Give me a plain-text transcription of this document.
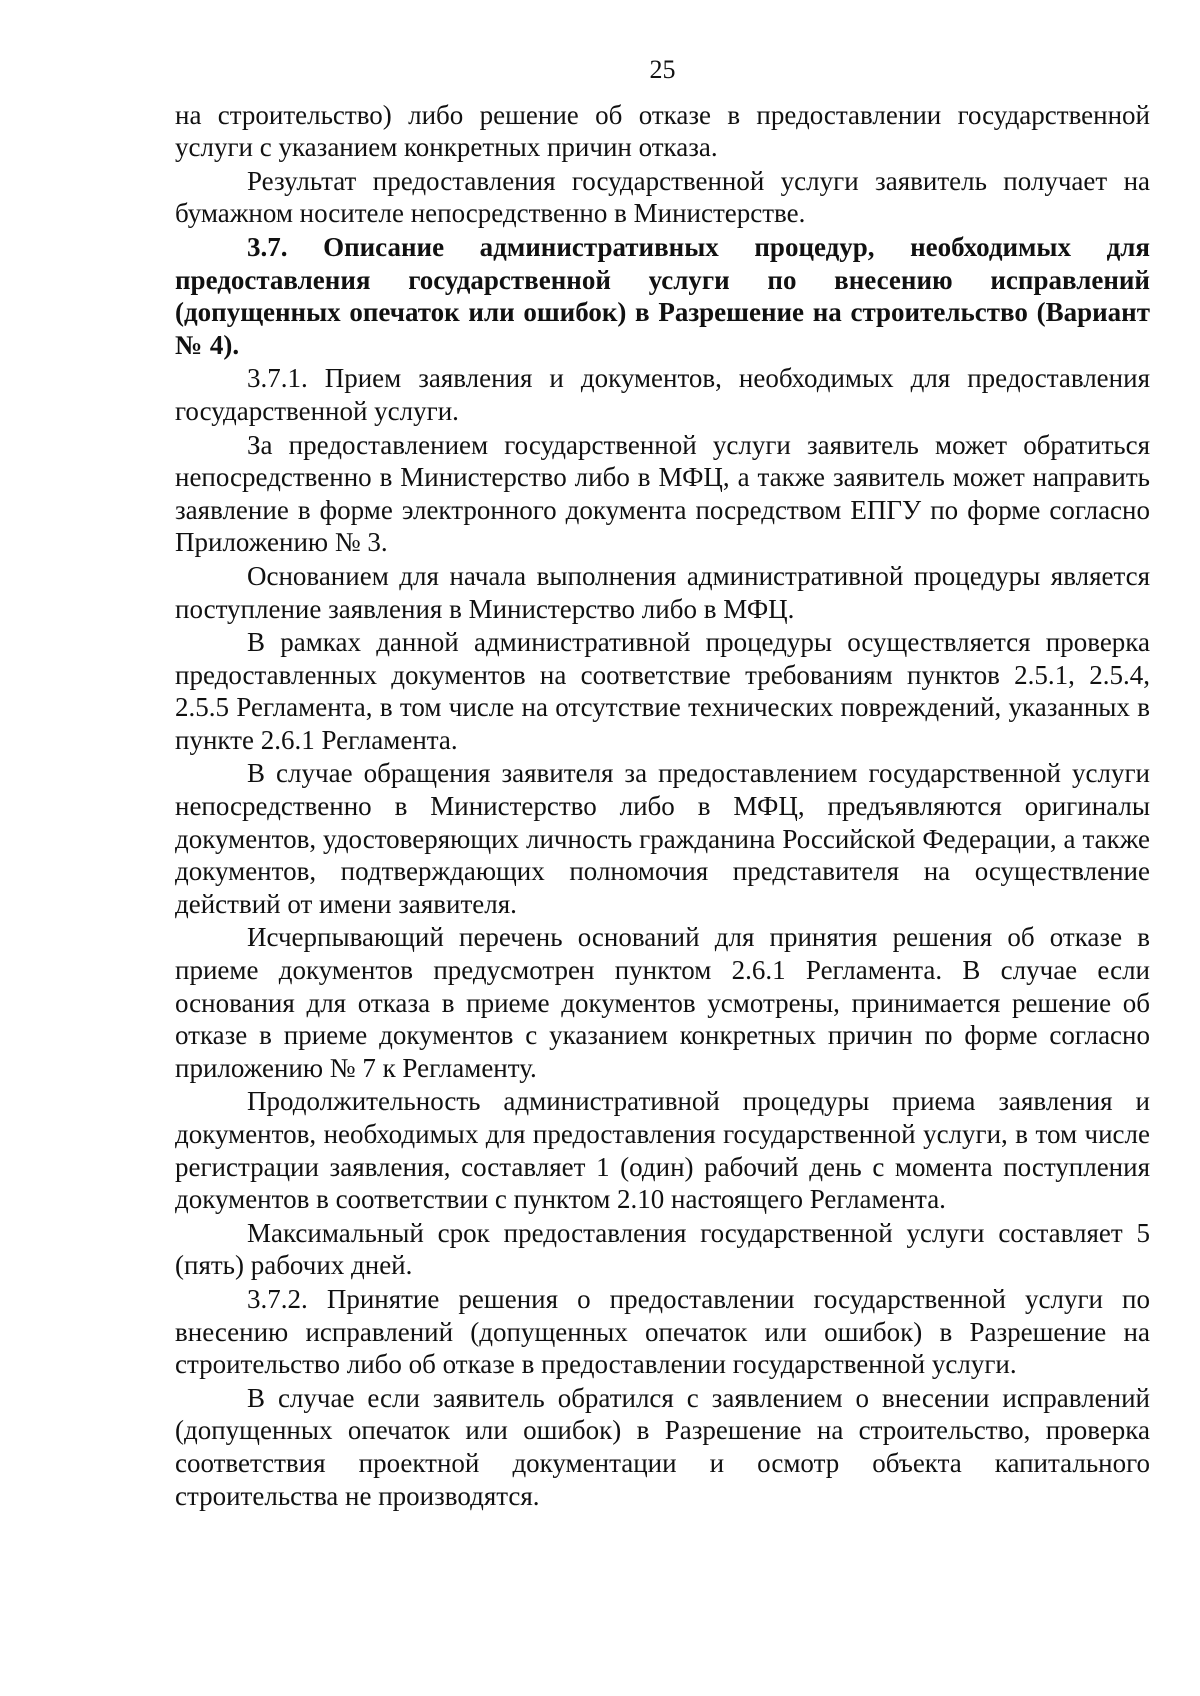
25

на строительство) либо решение об отказе в предоставлении государственной услуги с указанием конкретных причин отказа.

Результат предоставления государственной услуги заявитель получает на бумажном носителе непосредственно в Министерстве.

3.7. Описание административных процедур, необходимых для предоставления государственной услуги по внесению исправлений (допущенных опечаток или ошибок) в Разрешение на строительство (Вариант № 4).

3.7.1. Прием заявления и документов, необходимых для предоставления государственной услуги.

За предоставлением государственной услуги заявитель может обратиться непосредственно в Министерство либо в МФЦ, а также заявитель может направить заявление в форме электронного документа посредством ЕПГУ по форме согласно Приложению № 3.

Основанием для начала выполнения административной процедуры является поступление заявления в Министерство либо в МФЦ.

В рамках данной административной процедуры осуществляется проверка предоставленных документов на соответствие требованиям пунктов 2.5.1, 2.5.4, 2.5.5 Регламента, в том числе на отсутствие технических повреждений, указанных в пункте 2.6.1 Регламента.

В случае обращения заявителя за предоставлением государственной услуги непосредственно в Министерство либо в МФЦ, предъявляются оригиналы документов, удостоверяющих личность гражданина Российской Федерации, а также документов, подтверждающих полномочия представителя на осуществление действий от имени заявителя.

Исчерпывающий перечень оснований для принятия решения об отказе в приеме документов предусмотрен пунктом 2.6.1 Регламента. В случае если основания для отказа в приеме документов усмотрены, принимается решение об отказе в приеме документов с указанием конкретных причин по форме согласно приложению № 7 к Регламенту.

Продолжительность административной процедуры приема заявления и документов, необходимых для предоставления государственной услуги, в том числе регистрации заявления, составляет 1 (один) рабочий день с момента поступления документов в соответствии с пунктом 2.10 настоящего Регламента.

Максимальный срок предоставления государственной услуги составляет 5 (пять) рабочих дней.

3.7.2. Принятие решения о предоставлении государственной услуги по внесению исправлений (допущенных опечаток или ошибок) в Разрешение на строительство либо об отказе в предоставлении государственной услуги.

В случае если заявитель обратился с заявлением о внесении исправлений (допущенных опечаток или ошибок) в Разрешение на строительство, проверка соответствия проектной документации и осмотр объекта капитального строительства не производятся.
